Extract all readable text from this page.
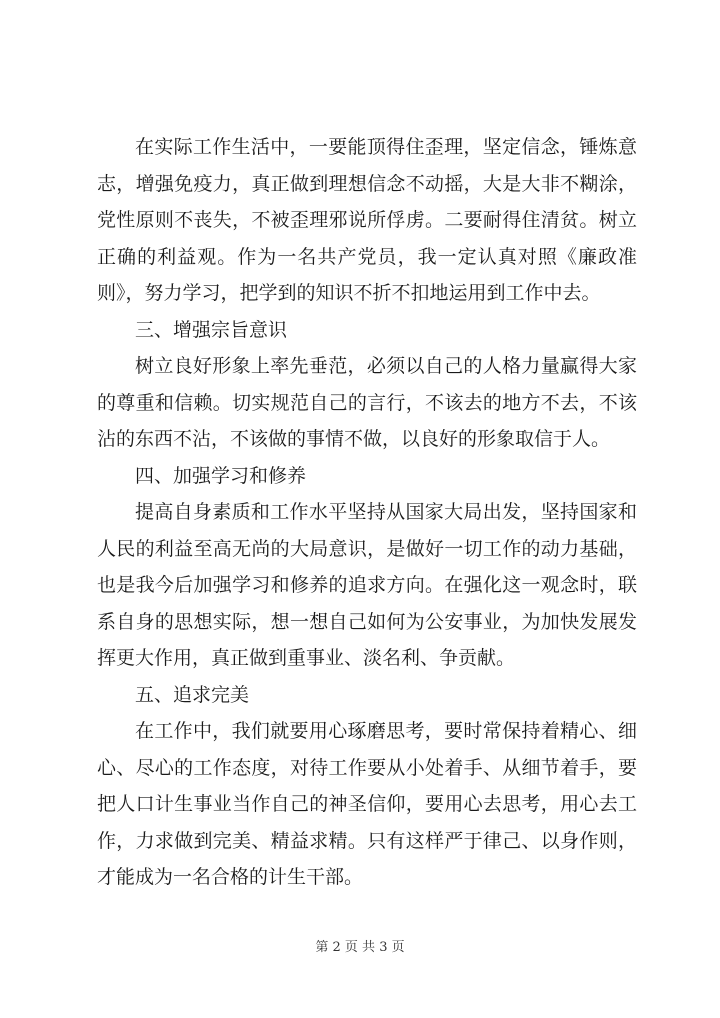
在实际工作生活中，一要能顶得住歪理，坚定信念，锤炼意
志，增强免疫力，真正做到理想信念不动摇，大是大非不糊涂，
党性原则不丧失，不被歪理邪说所俘虏。二要耐得住清贫。树立
正确的利益观。作为一名共产党员，我一定认真对照《廉政准
则》，努力学习，把学到的知识不折不扣地运用到工作中去。
三、增强宗旨意识
树立良好形象上率先垂范，必须以自己的人格力量赢得大家
的尊重和信赖。切实规范自己的言行，不该去的地方不去，不该
沾的东西不沾，不该做的事情不做，以良好的形象取信于人。
四、加强学习和修养
提高自身素质和工作水平坚持从国家大局出发，坚持国家和
人民的利益至高无尚的大局意识，是做好一切工作的动力基础，
也是我今后加强学习和修养的追求方向。在强化这一观念时，联
系自身的思想实际，想一想自己如何为公安事业，为加快发展发
挥更大作用，真正做到重事业、淡名利、争贡献。
五、追求完美
在工作中，我们就要用心琢磨思考，要时常保持着精心、细
心、尽心的工作态度，对待工作要从小处着手、从细节着手，要
把人口计生事业当作自己的神圣信仰，要用心去思考，用心去工
作，力求做到完美、精益求精。只有这样严于律己、以身作则，
才能成为一名合格的计生干部。
第 2 页 共 3 页
